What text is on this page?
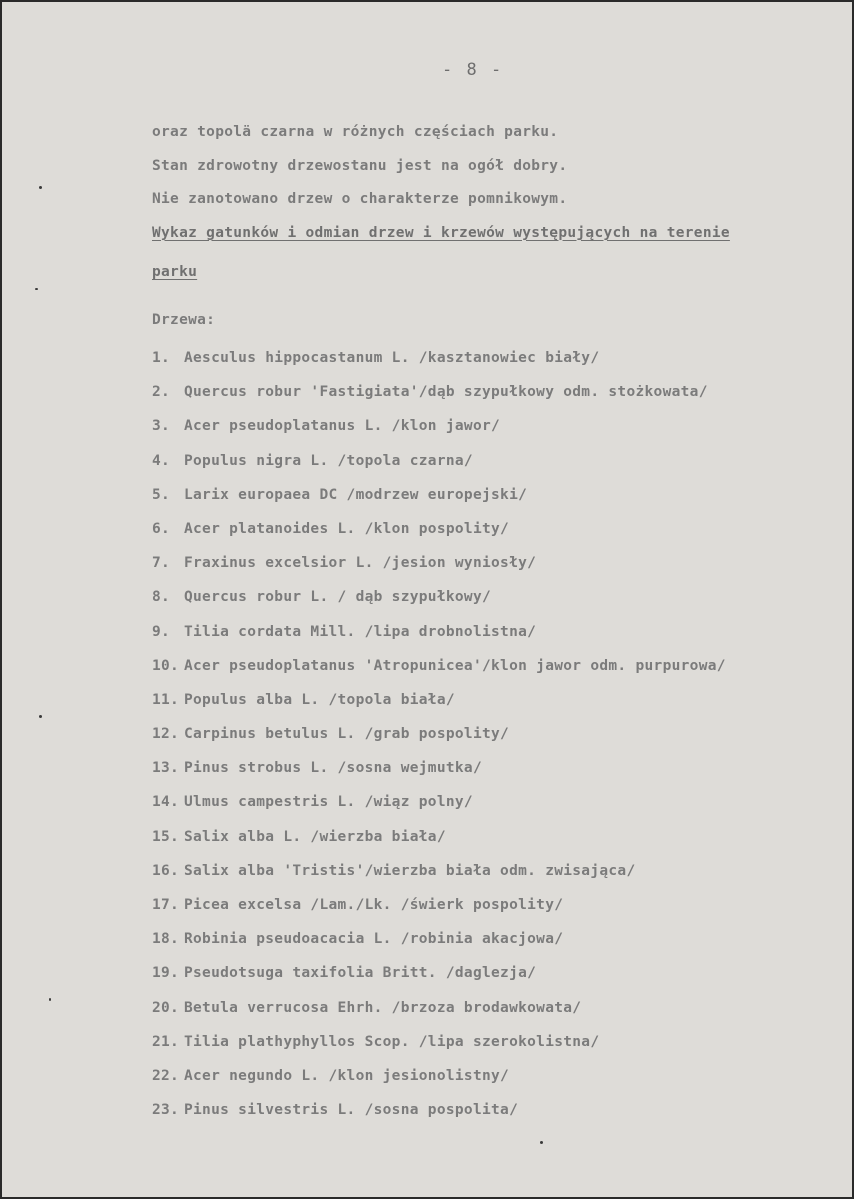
- 8 -
oraz topolä czarna w różnych częściach parku.
Stan zdrowotny drzewostanu jest na ogół dobry.
Nie zanotowano drzew o charakterze pomnikowym.
Wykaz gatunków i odmian drzew i krzewów występujących na terenie
parku
Drzewa:
1. Aesculus hippocastanum L. /kasztanowiec biały/
2. Quercus robur 'Fastigiata'/dąb szypułkowy odm. stożkowata/
3. Acer pseudoplatanus L. /klon jawor/
4. Populus nigra L. /topola czarna/
5. Larix europaea DC /modrzew europejski/
6. Acer platanoides L. /klon pospolity/
7. Fraxinus excelsior L. /jesion wyniosły/
8. Quercus robur L. / dąb szypułkowy/
9. Tilia cordata Mill. /lipa drobnolistna/
10. Acer pseudoplatanus 'Atropunicea'/klon jawor odm. purpurowa/
11. Populus alba L. /topola biała/
12. Carpinus betulus L. /grab pospolity/
13. Pinus strobus L. /sosna wejmutka/
14. Ulmus campestris L. /wiąz polny/
15. Salix alba L. /wierzba biała/
16. Salix alba 'Tristis'/wierzba biała odm. zwisająca/
17. Picea excelsa /Lam./Lk. /świerk pospolity/
18. Robinia pseudoacacia L. /robinia akacjowa/
19. Pseudotsuga taxifolia Britt. /daglezja/
20. Betula verrucosa Ehrh. /brzoza brodawkowata/
21. Tilia plathyphyllos Scop. /lipa szerokolistna/
22. Acer negundo L. /klon jesionolistny/
23. Pinus silvestris L. /sosna pospolita/
